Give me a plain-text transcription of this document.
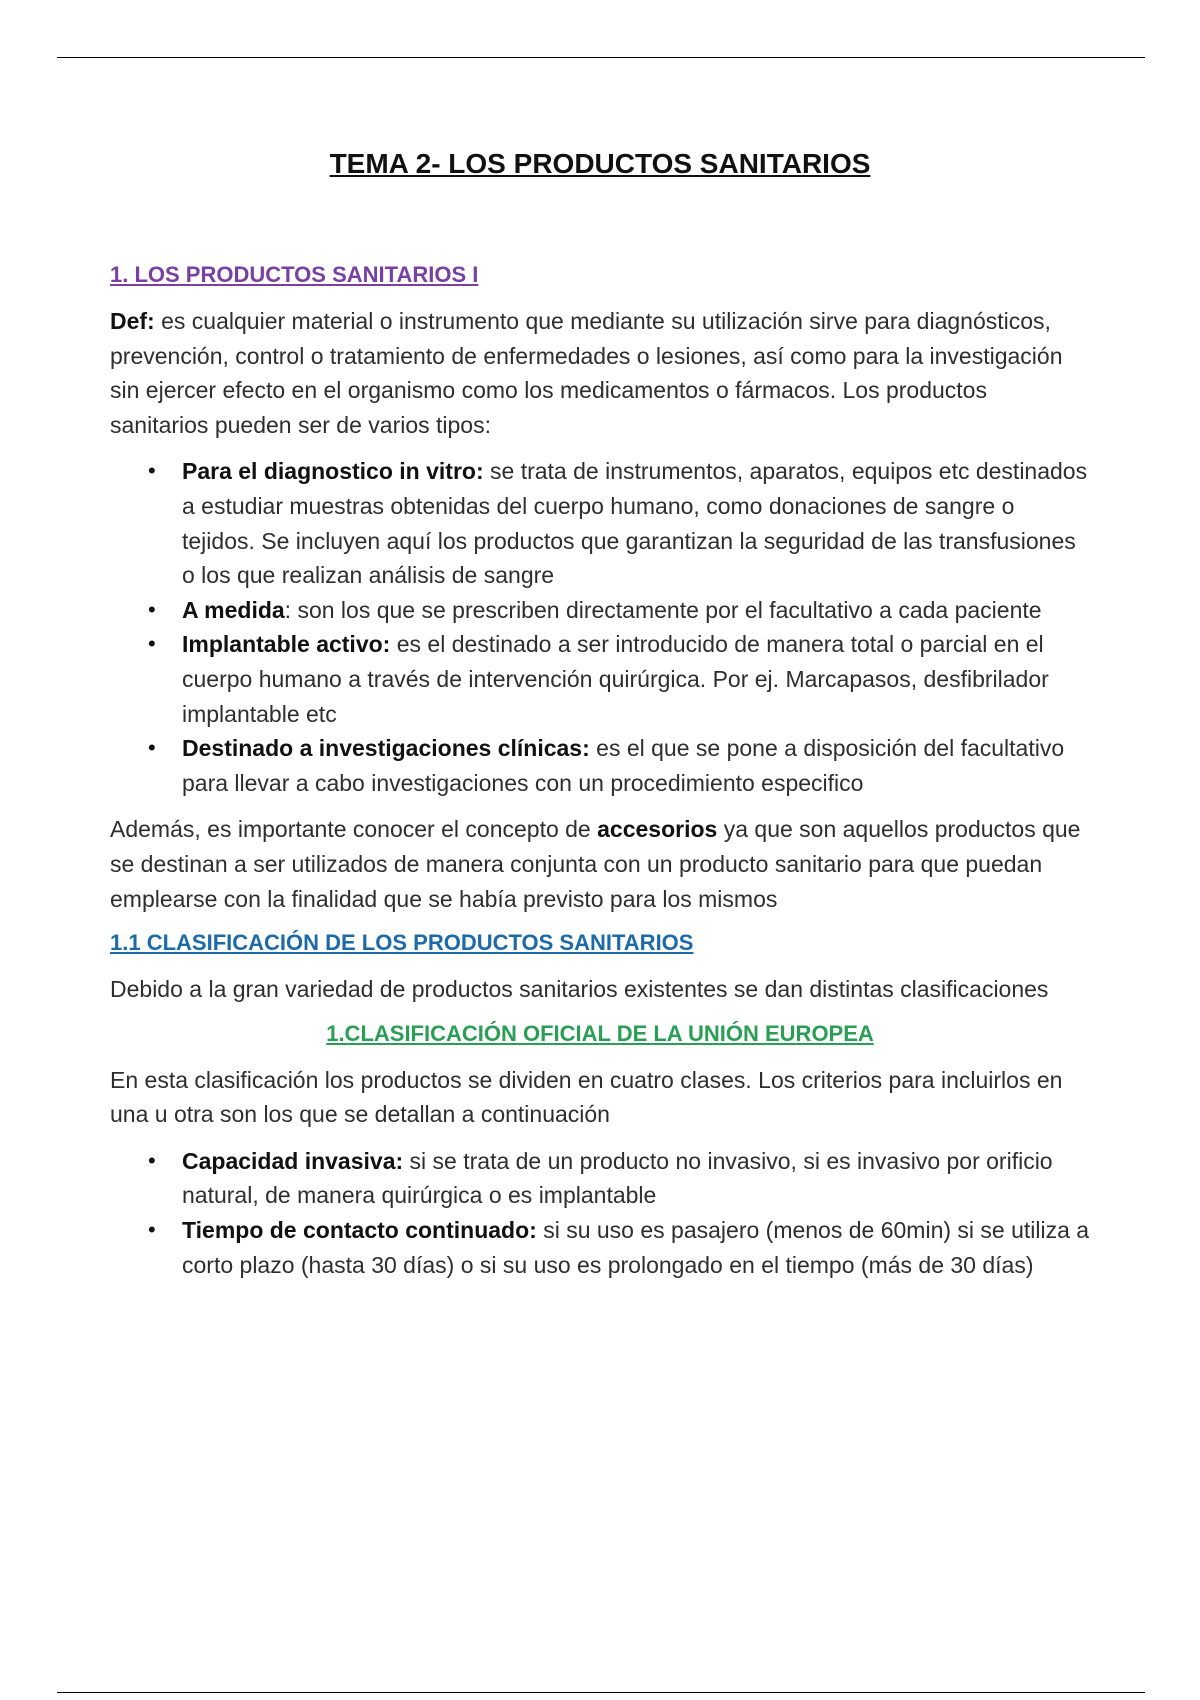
TEMA 2- LOS PRODUCTOS SANITARIOS
1. LOS PRODUCTOS SANITARIOS I

Def: es cualquier material o instrumento que mediante su utilización sirve para diagnósticos, prevención, control o tratamiento de enfermedades o lesiones, así como para la investigación sin ejercer efecto en el organismo como los medicamentos o fármacos. Los productos sanitarios pueden ser de varios tipos:

• Para el diagnostico in vitro: se trata de instrumentos, aparatos, equipos etc destinados a estudiar muestras obtenidas del cuerpo humano, como donaciones de sangre o tejidos. Se incluyen aquí los productos que garantizan la seguridad de las transfusiones o los que realizan análisis de sangre
• A medida: son los que se prescriben directamente por el facultativo a cada paciente
• Implantable activo: es el destinado a ser introducido de manera total o parcial en el cuerpo humano a través de intervención quirúrgica. Por ej. Marcapasos, desfibrilador implantable etc
• Destinado a investigaciones clínicas: es el que se pone a disposición del facultativo para llevar a cabo investigaciones con un procedimiento especifico

Además, es importante conocer el concepto de accesorios ya que son aquellos productos que se destinan a ser utilizados de manera conjunta con un producto sanitario para que puedan emplearse con la finalidad que se había previsto para los mismos

1.1 CLASIFICACIÓN DE LOS PRODUCTOS SANITARIOS

Debido a la gran variedad de productos sanitarios existentes se dan distintas clasificaciones

1.CLASIFICACIÓN OFICIAL DE LA UNIÓN EUROPEA

En esta clasificación los productos se dividen en cuatro clases. Los criterios para incluirlos en una u otra son los que se detallan a continuación

• Capacidad invasiva: si se trata de un producto no invasivo, si es invasivo por orificio natural, de manera quirúrgica o es implantable
• Tiempo de contacto continuado: si su uso es pasajero (menos de 60min) si se utiliza a corto plazo (hasta 30 días) o si su uso es prolongado en el tiempo (más de 30 días)
